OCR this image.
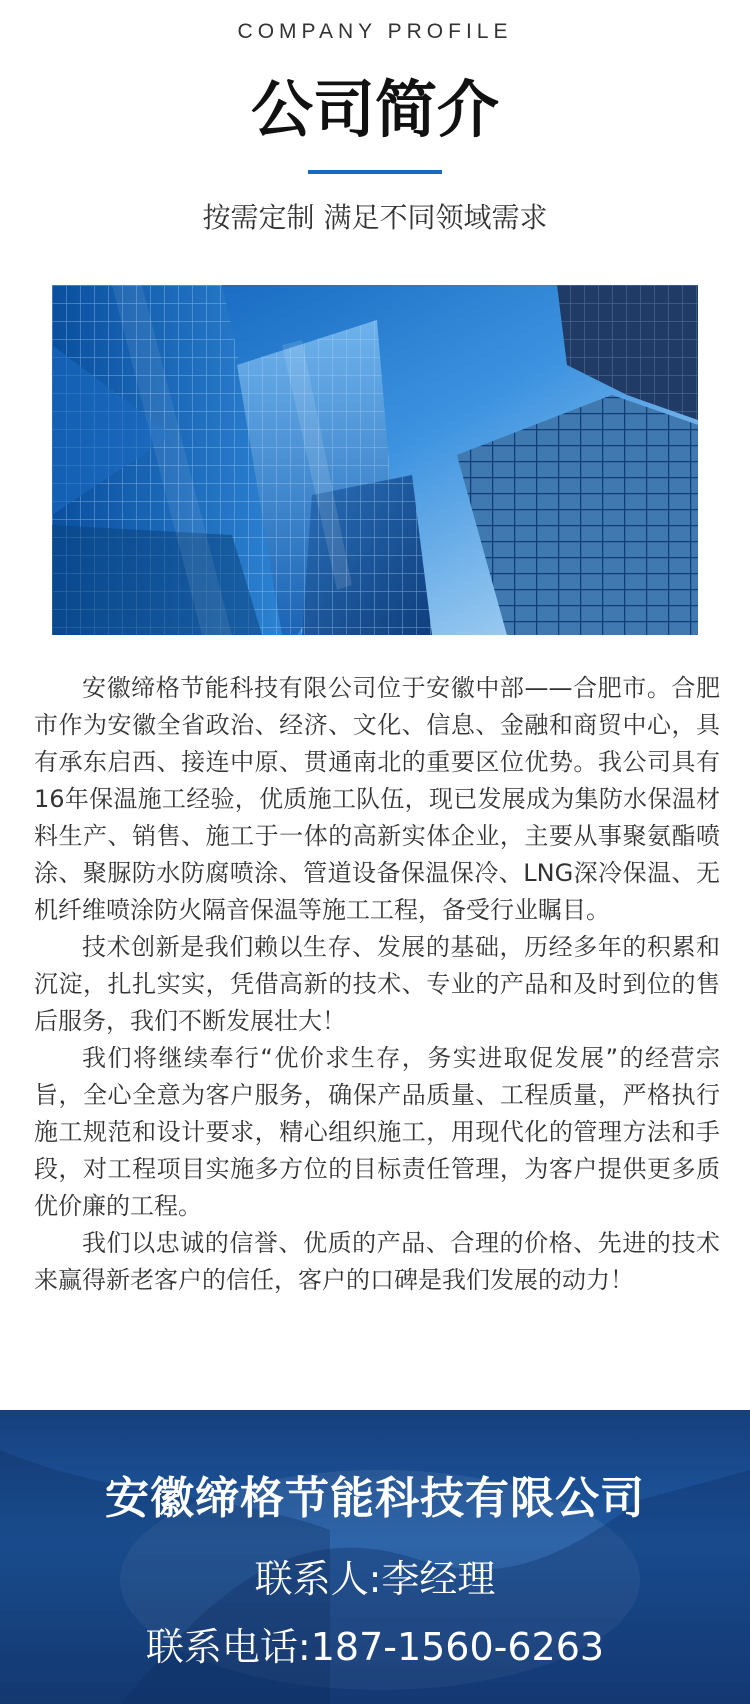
COMPANY PROFILE
公司简介
按需定制 满足不同领域需求

安徽缔格节能科技有限公司位于安徽中部——合肥市。合肥市作为安徽全省政治、经济、文化、信息、金融和商贸中心，具有承东启西、接连中原、贯通南北的重要区位优势。我公司具有16年保温施工经验，优质施工队伍，现已发展成为集防水保温材料生产、销售、施工于一体的高新实体企业，主要从事聚氨酯喷涂、聚脲防水防腐喷涂、管道设备保温保冷、LNG深冷保温、无机纤维喷涂防火隔音保温等施工工程，备受行业瞩目。

技术创新是我们赖以生存、发展的基础，历经多年的积累和沉淀，扎扎实实，凭借高新的技术、专业的产品和及时到位的售后服务，我们不断发展壮大！

我们将继续奉行“优价求生存，务实进取促发展”的经营宗旨，全心全意为客户服务，确保产品质量、工程质量，严格执行施工规范和设计要求，精心组织施工，用现代化的管理方法和手段，对工程项目实施多方位的目标责任管理，为客户提供更多质优价廉的工程。

我们以忠诚的信誉、优质的产品、合理的价格、先进的技术来赢得新老客户的信任，客户的口碑是我们发展的动力！

安徽缔格节能科技有限公司
联系人:李经理
联系电话:187-1560-6263
